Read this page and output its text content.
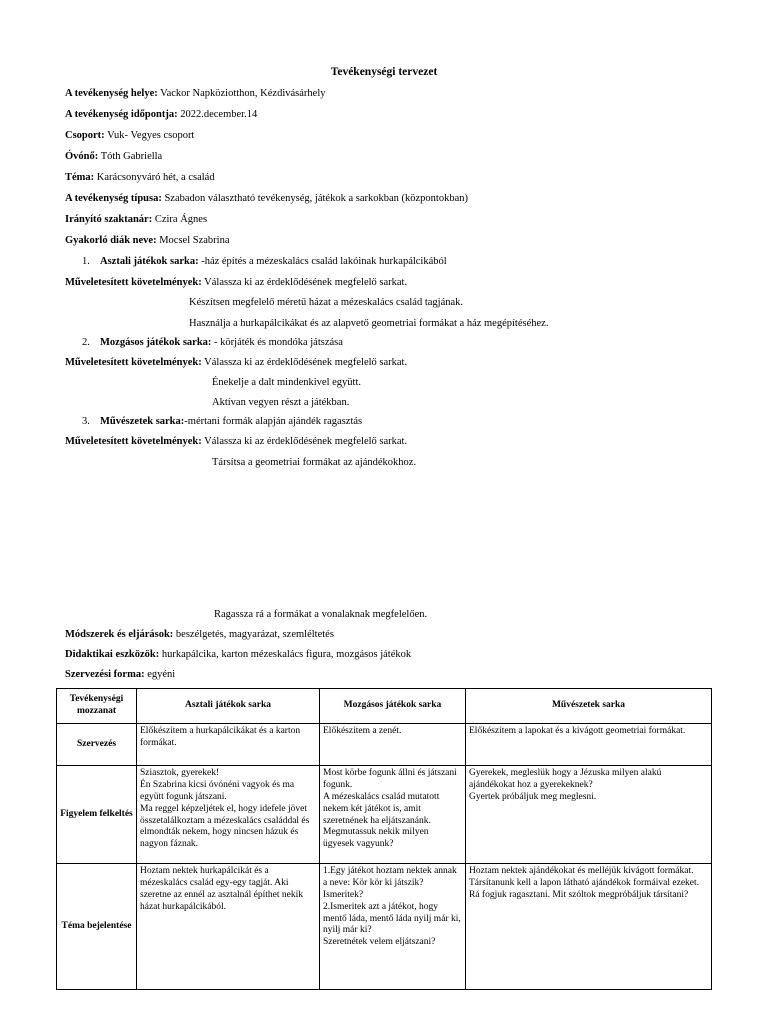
Tevékenységi tervezet
A tevékenység helye: Vackor Napköziotthon, Kézdivásárhely
A tevékenység időpontja: 2022.december.14
Csoport: Vuk- Vegyes csoport
Óvónő: Tóth Gabriella
Téma: Karácsonyváró hét, a család
A tevékenység típusa: Szabadon választható tevékenység, játékok a sarkokban (központokban)
Irányító szaktanár: Czira Ágnes
Gyakorló diák neve: Mocsel Szabrina
1. Asztali játékok sarka: -ház építés a mézeskalács család lakóinak hurkapálcikából
Műveletesített követelmények: Válassza ki az érdeklődésének megfelelő sarkat.
Készítsen megfelelő méretű házat a mézeskalács család tagjának.
Használja a hurkapálcikákat és az alapvető geometriai formákat a ház megépítéséhez.
2. Mozgásos játékok sarka: - körjáték és mondóka játszása
Műveletesített követelmények: Válassza ki az érdeklődésének megfelelő sarkat.
Énekelje a dalt mindenkivel együtt.
Aktívan vegyen részt a játékban.
3. Művészetek sarka:-mértani formák alapján ajándék ragasztás
Műveletesített követelmények: Válassza ki az érdeklődésének megfelelő sarkat.
Társítsa a geometriai formákat az ajándékokhoz.
Ragassza rá a formákat a vonalaknak megfelelően.
Módszerek és eljárások: beszélgetés, magyarázat, szemléltetés
Didaktikai eszközök: hurkapálcika, karton mézeskalács figura, mozgásos játékok
Szervezési forma: egyéni
Tevékenységi mozzanat	Asztali játékok sarka	Mozgásos játékok sarka	Művészetek sarka
Szervezés	Előkészítem a hurkapálcikákat és a karton formákat.	Előkészítem a zenét.	Előkészítem a lapokat és a kivágott geometriai formákat.

Figyelem felkeltés	Sziasztok, gyerekek!
Én Szabrina kicsi óvónéni vagyok és ma együtt fogunk játszani.
Ma reggel képzeljétek el, hogy idefele jövet összetalálkoztam a mézeskalács családdal és elmondták nekem, hogy nincsen házuk és nagyon fáznak.	Most körbe fogunk állni és játszani fogunk.
A mézeskalács család mutatott nekem két játékot is, amit szeretnének ha eljátszanánk. Megmutassuk nekik milyen ügyesek vagyunk?	Gyerekek, megleslük hogy a Jézuska milyen alakú ajándékokat hoz a gyerekeknek?
Gyertek próbáljuk meg meglesni.

Téma bejelentése	Hoztam nektek hurkapálcikát és a mézeskalács család egy-egy tagját. Aki szeretne az ennél az asztalnál építhet nekik házat hurkapálcikából.	1.Egy játékot hoztam nektek annak a neve: Kör kör ki játszik?
Ismeritek?
2.Ismeritek azt a játékot, hogy mentő láda, mentő láda nyilj már ki, nyilj már ki?
Szeretnétek velem eljátszani?	Hoztam nektek ajándékokat és melléjük kivágott formákat. Társítanunk kell a lapon látható ajándékok formáival ezeket. Rá fogjuk ragasztani. Mit szóltok megpróbáljuk társítani?
